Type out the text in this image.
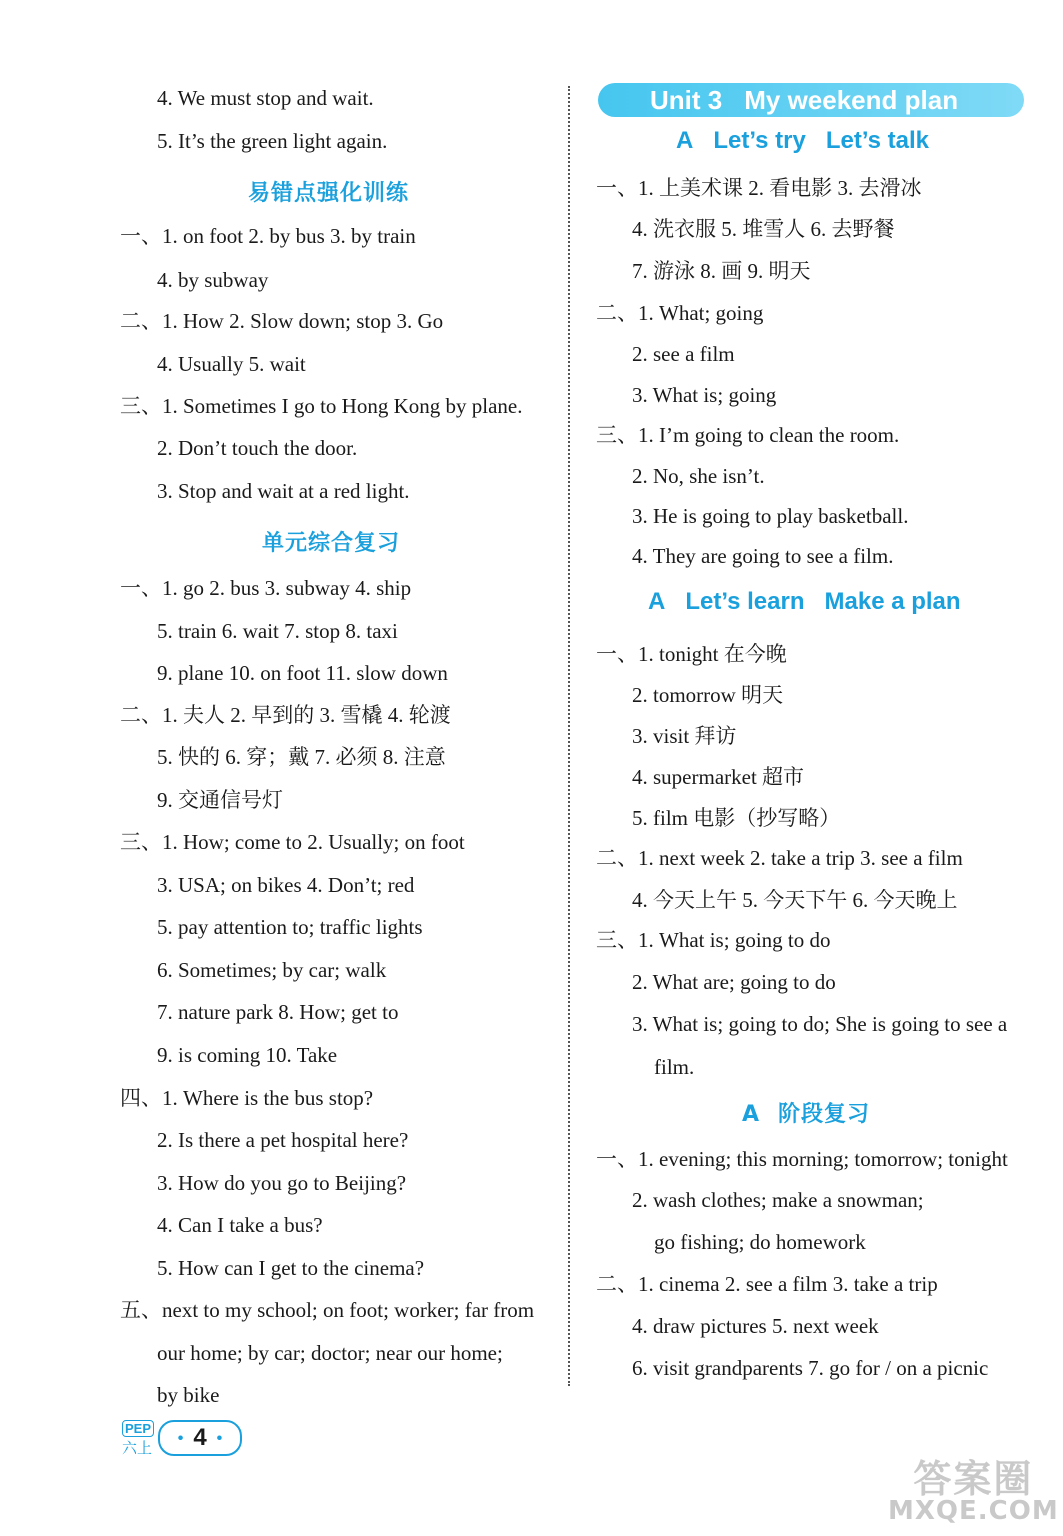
4. We must stop and wait.
5. It’s the green light again.
易错点强化训练
一、1. on foot 2. by bus 3. by train
4. by subway
二、1. How 2. Slow down; stop 3. Go
4. Usually 5. wait
三、1. Sometimes I go to Hong Kong by plane.
2. Don’t touch the door.
3. Stop and wait at a red light.
单元综合复习
一、1. go 2. bus 3. subway 4. ship
5. train 6. wait 7. stop 8. taxi
9. plane 10. on foot 11. slow down
二、1. 夫人 2. 早到的 3. 雪橇 4. 轮渡
5. 快的 6. 穿；戴 7. 必须 8. 注意
9. 交通信号灯
三、1. How; come to 2. Usually; on foot
3. USA; on bikes 4. Don’t; red
5. pay attention to; traffic lights
6. Sometimes; by car; walk
7. nature park 8. How; get to
9. is coming 10. Take
四、1. Where is the bus stop?
2. Is there a pet hospital here?
3. How do you go to Beijing?
4. Can I take a bus?
5. How can I get to the cinema?
五、next to my school; on foot; worker; far from
our home; by car; doctor; near our home;
by bike
Unit 3 My weekend plan
A Let’s try Let’s talk
一、1. 上美术课 2. 看电影 3. 去滑冰
4. 洗衣服 5. 堆雪人 6. 去野餐
7. 游泳 8. 画 9. 明天
二、1. What; going
2. see a film
3. What is; going
三、1. I’m going to clean the room.
2. No, she isn’t.
3. He is going to play basketball.
4. They are going to see a film.
A Let’s learn Make a plan
一、1. tonight 在今晚
2. tomorrow 明天
3. visit 拜访
4. supermarket 超市
5. film 电影（抄写略）
二、1. next week 2. take a trip 3. see a film
4. 今天上午 5. 今天下午 6. 今天晚上
三、1. What is; going to do
2. What are; going to do
3. What is; going to do; She is going to see a
film.
A 阶段复习
一、1. evening; this morning; tomorrow; tonight
2. wash clothes; make a snowman;
go fishing; do homework
二、1. cinema 2. see a film 3. take a trip
4. draw pictures 5. next week
6. visit grandparents 7. go for / on a picnic
PEP
六上
• 4 •
答案圈
MXQE.COM
